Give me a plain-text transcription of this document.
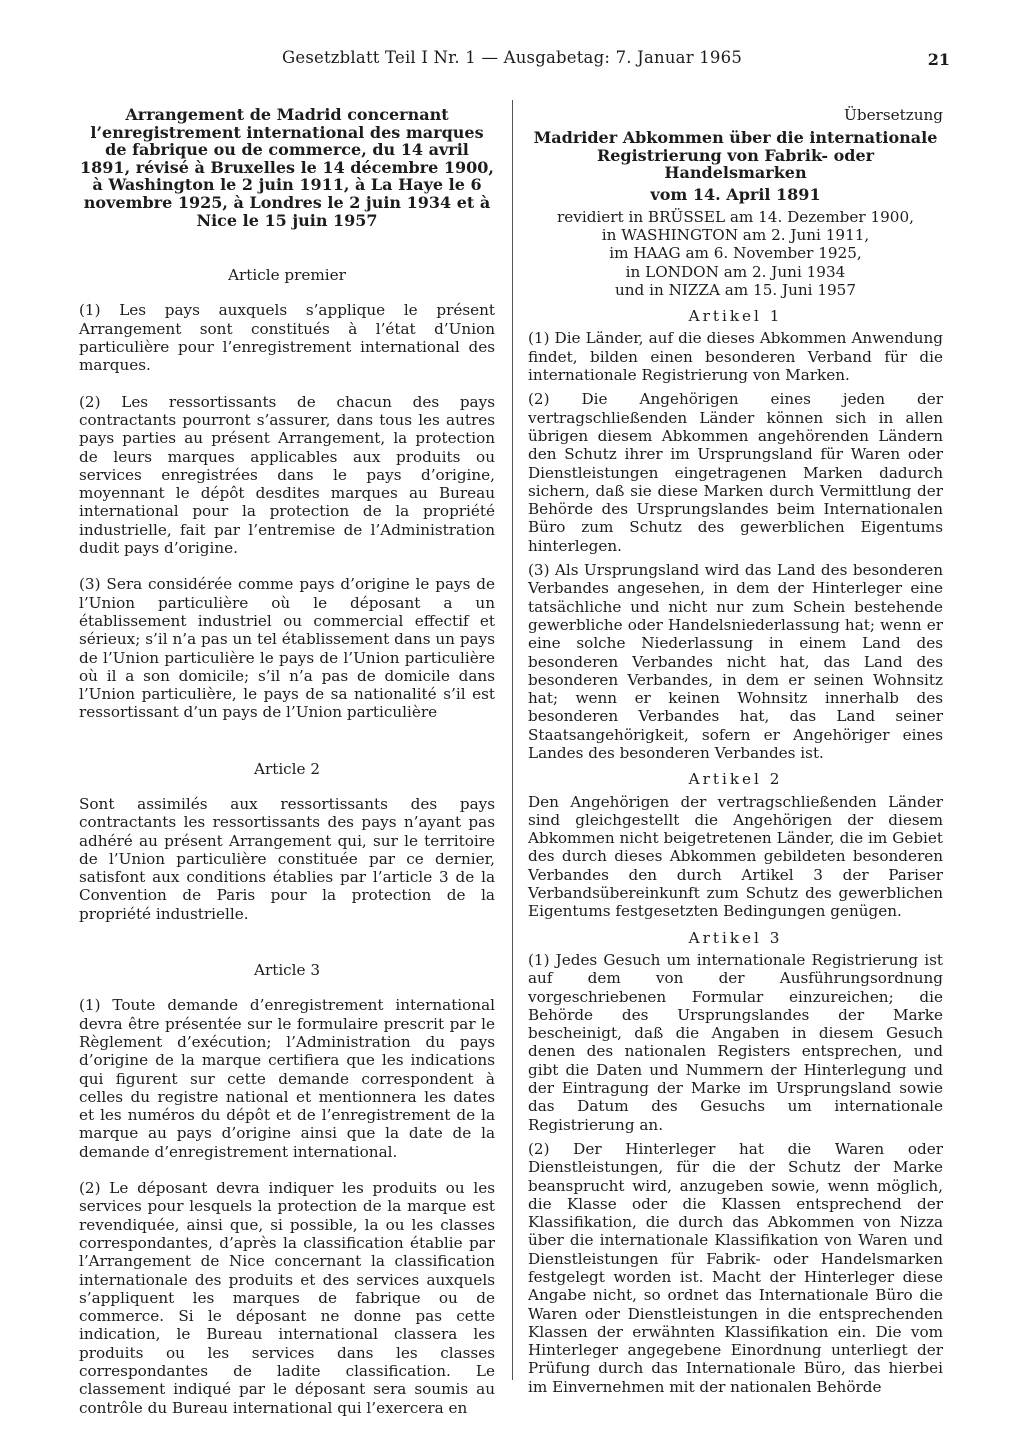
Gesetzblatt Teil I Nr. 1 — Ausgabetag: 7. Januar 1965	21

Arrangement de Madrid concernant l’enregistrement international des marques de fabrique ou de commerce, du 14 avril 1891, révisé à Bruxelles le 14 décembre 1900, à Washington le 2 juin 1911, à La Haye le 6 novembre 1925, à Londres le 2 juin 1934 et à Nice le 15 juin 1957

Article premier

(1) Les pays auxquels s’applique le présent Arrangement sont constitués à l’état d’Union particulière pour l’enregistrement international des marques.

(2) Les ressortissants de chacun des pays contractants pourront s’assurer, dans tous les autres pays parties au présent Arrangement, la protection de leurs marques applicables aux produits ou services enregistrées dans le pays d’origine, moyennant le dépôt desdites marques au Bureau international pour la protection de la propriété industrielle, fait par l’entremise de l’Administration dudit pays d’origine.

(3) Sera considérée comme pays d’origine le pays de l’Union particulière où le déposant a un établissement industriel ou commercial effectif et sérieux; s’il n’a pas un tel établissement dans un pays de l’Union particulière le pays de l’Union particulière où il a son domicile; s’il n’a pas de domicile dans l’Union particulière, le pays de sa nationalité s’il est ressortissant d’un pays de l’Union particulière

Article 2

Sont assimilés aux ressortissants des pays contractants les ressortissants des pays n’ayant pas adhéré au présent Arrangement qui, sur le territoire de l’Union particulière constituée par ce dernier, satisfont aux conditions établies par l’article 3 de la Convention de Paris pour la protection de la propriété industrielle.

Article 3

(1) Toute demande d’enregistrement international devra être présentée sur le formulaire prescrit par le Règlement d’exécution; l’Administration du pays d’origine de la marque certifiera que les indications qui figurent sur cette demande correspondent à celles du registre national et mentionnera les dates et les numéros du dépôt et de l’enregistrement de la marque au pays d’origine ainsi que la date de la demande d’enregistrement international.

(2) Le déposant devra indiquer les produits ou les services pour lesquels la protection de la marque est revendiquée, ainsi que, si possible, la ou les classes correspondantes, d’après la classification établie par l’Arrangement de Nice concernant la classification internationale des produits et des services auxquels s’appliquent les marques de fabrique ou de commerce. Si le déposant ne donne pas cette indication, le Bureau international classera les produits ou les services dans les classes correspondantes de ladite classification. Le classement indiqué par le déposant sera soumis au contrôle du Bureau international qui l’exercera en

Übersetzung

Madrider Abkommen über die internationale Registrierung von Fabrik- oder Handelsmarken

vom 14. April 1891

revidiert in BRÜSSEL am 14. Dezember 1900,

in WASHINGTON am 2. Juni 1911,

im HAAG am 6. November 1925,

in LONDON am 2. Juni 1934

und in NIZZA am 15. Juni 1957

Artikel 1

(1) Die Länder, auf die dieses Abkommen Anwendung findet, bilden einen besonderen Verband für die internationale Registrierung von Marken.

(2) Die Angehörigen eines jeden der vertragschließenden Länder können sich in allen übrigen diesem Abkommen angehörenden Ländern den Schutz ihrer im Ursprungsland für Waren oder Dienstleistungen eingetragenen Marken dadurch sichern, daß sie diese Marken durch Vermittlung der Behörde des Ursprungslandes beim Internationalen Büro zum Schutz des gewerblichen Eigentums hinterlegen.

(3) Als Ursprungsland wird das Land des besonderen Verbandes angesehen, in dem der Hinterleger eine tatsächliche und nicht nur zum Schein bestehende gewerbliche oder Handelsniederlassung hat; wenn er eine solche Niederlassung in einem Land des besonderen Verbandes nicht hat, das Land des besonderen Verbandes, in dem er seinen Wohnsitz hat; wenn er keinen Wohnsitz innerhalb des besonderen Verbandes hat, das Land seiner Staatsangehörigkeit, sofern er Angehöriger eines Landes des besonderen Verbandes ist.

Artikel 2

Den Angehörigen der vertragschließenden Länder sind gleichgestellt die Angehörigen der diesem Abkommen nicht beigetretenen Länder, die im Gebiet des durch dieses Abkommen gebildeten besonderen Verbandes den durch Artikel 3 der Pariser Verbandsübereinkunft zum Schutz des gewerblichen Eigentums festgesetzten Bedingungen genügen.

Artikel 3

(1) Jedes Gesuch um internationale Registrierung ist auf dem von der Ausführungsordnung vorgeschriebenen Formular einzureichen; die Behörde des Ursprungslandes der Marke bescheinigt, daß die Angaben in diesem Gesuch denen des nationalen Registers entsprechen, und gibt die Daten und Nummern der Hinterlegung und der Eintragung der Marke im Ursprungsland sowie das Datum des Gesuchs um internationale Registrierung an.

(2) Der Hinterleger hat die Waren oder Dienstleistungen, für die der Schutz der Marke beansprucht wird, anzugeben sowie, wenn möglich, die Klasse oder die Klassen entsprechend der Klassifikation, die durch das Abkommen von Nizza über die internationale Klassifikation von Waren und Dienstleistungen für Fabrik- oder Handelsmarken festgelegt worden ist. Macht der Hinterleger diese Angabe nicht, so ordnet das Internationale Büro die Waren oder Dienstleistungen in die entsprechenden Klassen der erwähnten Klassifikation ein. Die vom Hinterleger angegebene Einordnung unterliegt der Prüfung durch das Internationale Büro, das hierbei im Einvernehmen mit der nationalen Behörde
